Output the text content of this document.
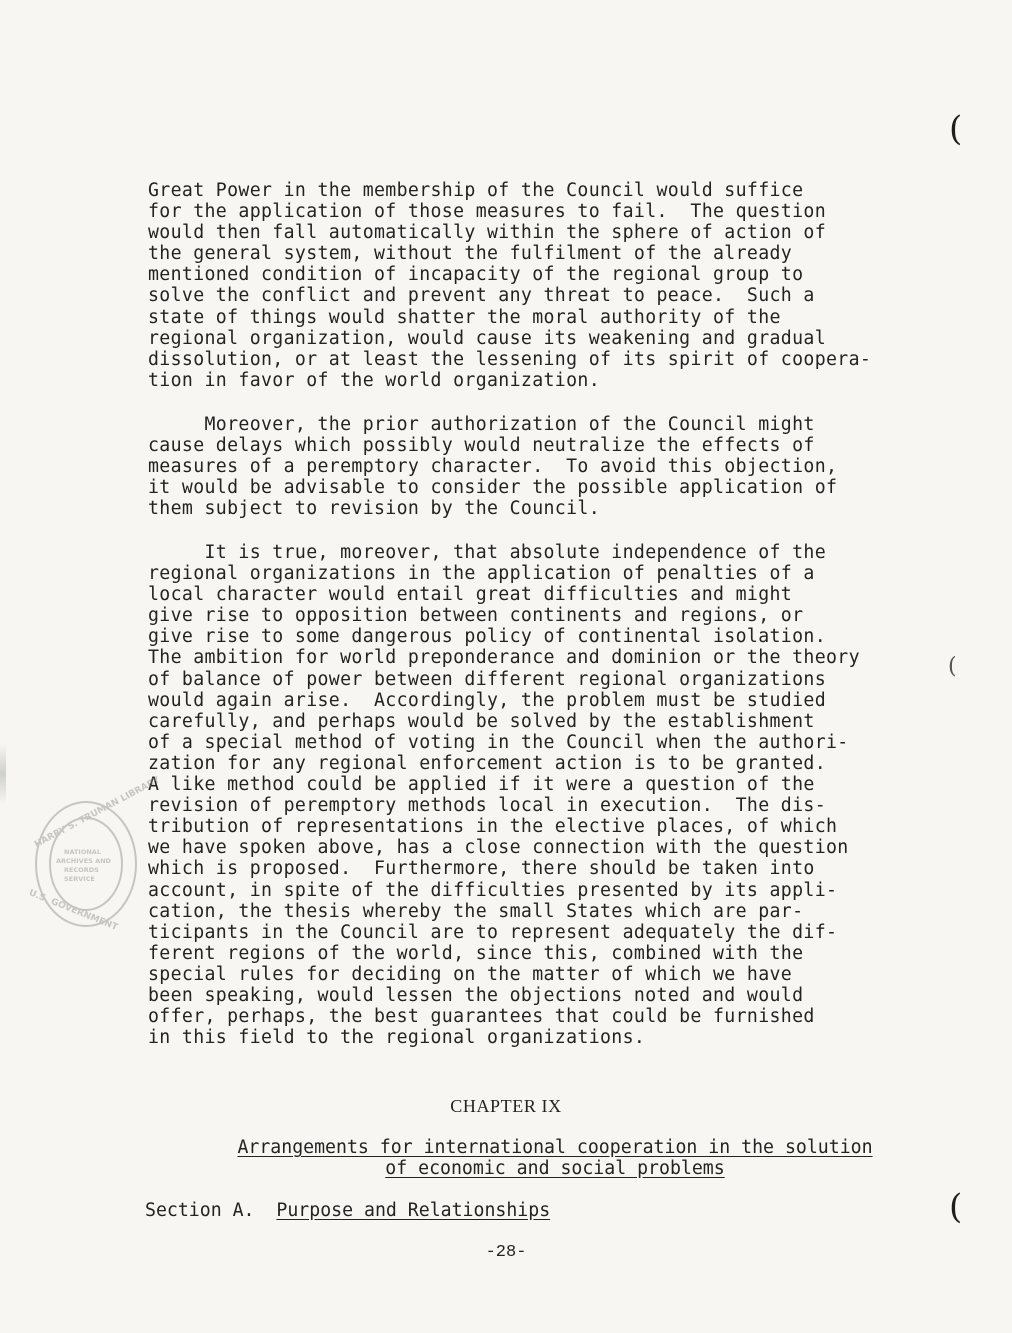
Great Power in the membership of the Council would suffice
for the application of those measures to fail.  The question
would then fall automatically within the sphere of action of
the general system, without the fulfilment of the already
mentioned condition of incapacity of the regional group to
solve the conflict and prevent any threat to peace.  Such a
state of things would shatter the moral authority of the
regional organization, would cause its weakening and gradual
dissolution, or at least the lessening of its spirit of coopera-
tion in favor of the world organization.
Moreover, the prior authorization of the Council might
cause delays which possibly would neutralize the effects of
measures of a peremptory character.  To avoid this objection,
it would be advisable to consider the possible application of
them subject to revision by the Council.
It is true, moreover, that absolute independence of the
regional organizations in the application of penalties of a
local character would entail great difficulties and might
give rise to opposition between continents and regions, or
give rise to some dangerous policy of continental isolation.
The ambition for world preponderance and dominion or the theory
of balance of power between different regional organizations
would again arise.  Accordingly, the problem must be studied
carefully, and perhaps would be solved by the establishment
of a special method of voting in the Council when the authori-
zation for any regional enforcement action is to be granted.
A like method could be applied if it were a question of the
revision of peremptory methods local in execution.  The dis-
tribution of representations in the elective places, of which
we have spoken above, has a close connection with the question
which is proposed.  Furthermore, there should be taken into
account, in spite of the difficulties presented by its appli-
cation, the thesis whereby the small States which are par-
ticipants in the Council are to represent adequately the dif-
ferent regions of the world, since this, combined with the
special rules for deciding on the matter of which we have
been speaking, would lessen the objections noted and would
offer, perhaps, the best guarantees that could be furnished
in this field to the regional organizations.

CHAPTER IX

Arrangements for international cooperation in the solution
of economic and social problems
Section A. Purpose and Relationships

-28-

(
(
(
HARRY S. TRUMAN LIBRARY
NATIONAL
ARCHIVES AND
RECORDS
SERVICE
U.S. GOVERNMENT
